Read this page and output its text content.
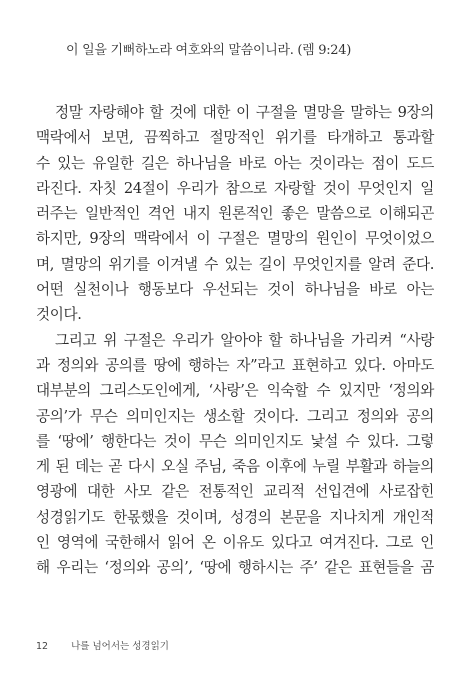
이 일을 기뻐하노라 여호와의 말씀이니라. (렘 9:24)
정말 자랑해야 할 것에 대한 이 구절을 멸망을 말하는 9장의
맥락에서 보면, 끔찍하고 절망적인 위기를 타개하고 통과할
수 있는 유일한 길은 하나님을 바로 아는 것이라는 점이 도드
라진다. 자칫 24절이 우리가 참으로 자랑할 것이 무엇인지 일
러주는 일반적인 격언 내지 원론적인 좋은 말씀으로 이해되곤
하지만, 9장의 맥락에서 이 구절은 멸망의 원인이 무엇이었으
며, 멸망의 위기를 이겨낼 수 있는 길이 무엇인지를 알려 준다.
어떤 실천이나 행동보다 우선되는 것이 하나님을 바로 아는
것이다.
그리고 위 구절은 우리가 알아야 할 하나님을 가리켜 “사랑
과 정의와 공의를 땅에 행하는 자”라고 표현하고 있다. 아마도
대부분의 그리스도인에게, ‘사랑’은 익숙할 수 있지만 ‘정의와
공의’가 무슨 의미인지는 생소할 것이다. 그리고 정의와 공의
를 ‘땅에’ 행한다는 것이 무슨 의미인지도 낯설 수 있다. 그렇
게 된 데는 곧 다시 오실 주님, 죽음 이후에 누릴 부활과 하늘의
영광에 대한 사모 같은 전통적인 교리적 선입견에 사로잡힌
성경읽기도 한몫했을 것이며, 성경의 본문을 지나치게 개인적
인 영역에 국한해서 읽어 온 이유도 있다고 여겨진다. 그로 인
해 우리는 ‘정의와 공의’, ‘땅에 행하시는 주’ 같은 표현들을 곰
12 나를 넘어서는 성경읽기
